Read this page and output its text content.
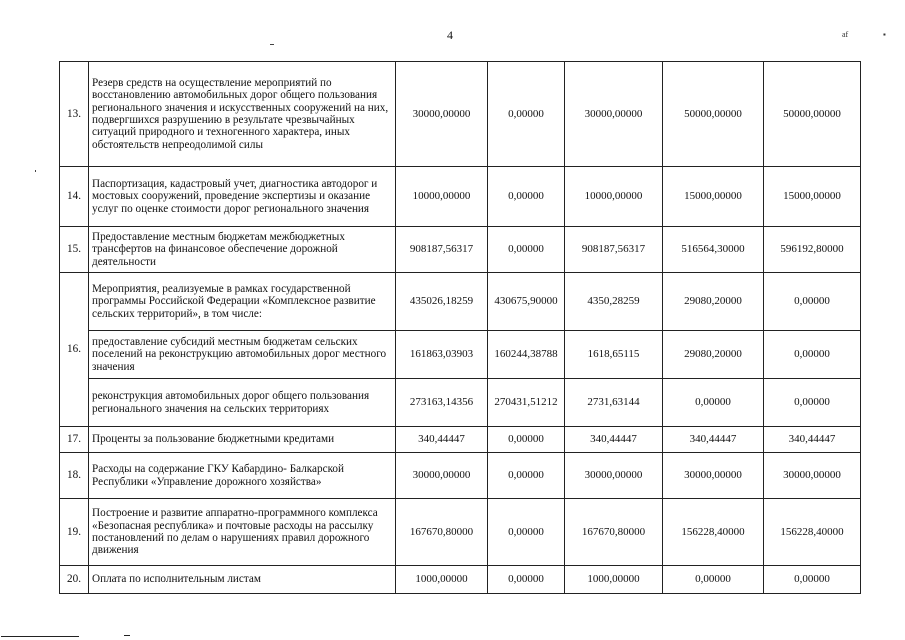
4	af	▪︎
13.	Резерв средств на осуществление мероприятий по восстановлению автомобильных дорог общего пользования регионального значения и искусственных сооружений на них, подвергшихся разрушению в результате чрезвычайных ситуаций природного и техногенного характера, иных обстоятельств непреодолимой силы	30000,00000	0,00000	30000,00000	50000,00000	50000,00000
14.	Паспортизация, кадастровый учет, диагностика автодорог и мостовых сооружений, проведение экспертизы и оказание услуг по оценке стоимости дорог регионального значения	10000,00000	0,00000	10000,00000	15000,00000	15000,00000
15.	Предоставление местным бюджетам межбюджетных трансфертов на финансовое обеспечение дорожной деятельности	908187,56317	0,00000	908187,56317	516564,30000	596192,80000
16.	Мероприятия, реализуемые в рамках государственной программы Российской Федерации «Комплексное развитие сельских территорий», в том числе:	435026,18259	430675,90000	4350,28259	29080,20000	0,00000
	предоставление субсидий местным бюджетам сельских поселений на реконструкцию автомобильных дорог местного значения	161863,03903	160244,38788	1618,65115	29080,20000	0,00000
	реконструкция автомобильных дорог общего пользования регионального значения на сельских территориях	273163,14356	270431,51212	2731,63144	0,00000	0,00000
17.	Проценты за пользование бюджетными кредитами	340,44447	0,00000	340,44447	340,44447	340,44447
18.	Расходы на содержание ГКУ Кабардино- Балкарской Республики «Управление дорожного хозяйства»	30000,00000	0,00000	30000,00000	30000,00000	30000,00000
19.	Построение и развитие аппаратно-программного комплекса «Безопасная республика» и почтовые расходы на рассылку постановлений по делам о нарушениях правил дорожного движения	167670,80000	0,00000	167670,80000	156228,40000	156228,40000
20.	Оплата по исполнительным листам	1000,00000	0,00000	1000,00000	0,00000	0,00000
